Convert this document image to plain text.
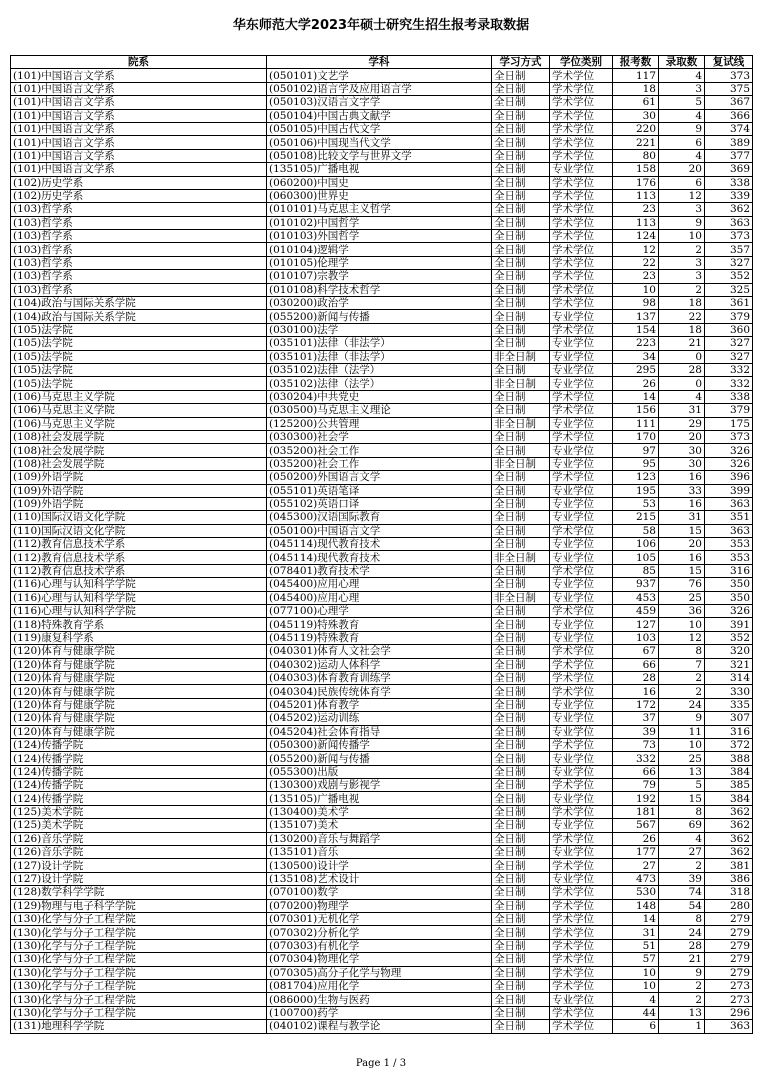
华东师范大学2023年硕士研究生招生报考录取数据
院系	学科	学习方式	学位类别	报考数	录取数	复试线
(101)中国语言文学系	(050101)文艺学	全日制	学术学位	117	4	373
(101)中国语言文学系	(050102)语言学及应用语言学	全日制	学术学位	18	3	375
(101)中国语言文学系	(050103)汉语言文字学	全日制	学术学位	61	5	367
(101)中国语言文学系	(050104)中国古典文献学	全日制	学术学位	30	4	366
(101)中国语言文学系	(050105)中国古代文学	全日制	学术学位	220	9	374
(101)中国语言文学系	(050106)中国现当代文学	全日制	学术学位	221	6	389
(101)中国语言文学系	(050108)比较文学与世界文学	全日制	学术学位	80	4	377
(101)中国语言文学系	(135105)广播电视	全日制	专业学位	158	20	369
(102)历史学系	(060200)中国史	全日制	学术学位	176	6	338
(102)历史学系	(060300)世界史	全日制	学术学位	113	12	339
(103)哲学系	(010101)马克思主义哲学	全日制	学术学位	23	3	362
(103)哲学系	(010102)中国哲学	全日制	学术学位	113	9	363
(103)哲学系	(010103)外国哲学	全日制	学术学位	124	10	373
(103)哲学系	(010104)逻辑学	全日制	学术学位	12	2	357
(103)哲学系	(010105)伦理学	全日制	学术学位	22	3	327
(103)哲学系	(010107)宗教学	全日制	学术学位	23	3	352
(103)哲学系	(010108)科学技术哲学	全日制	学术学位	10	2	325
(104)政治与国际关系学院	(030200)政治学	全日制	学术学位	98	18	361
(104)政治与国际关系学院	(055200)新闻与传播	全日制	专业学位	137	22	379
(105)法学院	(030100)法学	全日制	学术学位	154	18	360
(105)法学院	(035101)法律（非法学）	全日制	专业学位	223	21	327
(105)法学院	(035101)法律（非法学）	非全日制	专业学位	34	0	327
(105)法学院	(035102)法律（法学）	全日制	专业学位	295	28	332
(105)法学院	(035102)法律（法学）	非全日制	专业学位	26	0	332
(106)马克思主义学院	(030204)中共党史	全日制	学术学位	14	4	338
(106)马克思主义学院	(030500)马克思主义理论	全日制	学术学位	156	31	379
(106)马克思主义学院	(125200)公共管理	非全日制	专业学位	111	29	175
(108)社会发展学院	(030300)社会学	全日制	学术学位	170	20	373
(108)社会发展学院	(035200)社会工作	全日制	专业学位	97	30	326
(108)社会发展学院	(035200)社会工作	非全日制	专业学位	95	30	326
(109)外语学院	(050200)外国语言文学	全日制	学术学位	123	16	396
(109)外语学院	(055101)英语笔译	全日制	专业学位	195	33	399
(109)外语学院	(055102)英语口译	全日制	专业学位	53	16	363
(110)国际汉语文化学院	(045300)汉语国际教育	全日制	专业学位	215	31	351
(110)国际汉语文化学院	(050100)中国语言文学	全日制	学术学位	58	15	363
(112)教育信息技术学系	(045114)现代教育技术	全日制	专业学位	106	20	353
(112)教育信息技术学系	(045114)现代教育技术	非全日制	专业学位	105	16	353
(112)教育信息技术学系	(078401)教育技术学	全日制	学术学位	85	15	316
(116)心理与认知科学学院	(045400)应用心理	全日制	专业学位	937	76	350
(116)心理与认知科学学院	(045400)应用心理	非全日制	专业学位	453	25	350
(116)心理与认知科学学院	(077100)心理学	全日制	学术学位	459	36	326
(118)特殊教育学系	(045119)特殊教育	全日制	专业学位	127	10	391
(119)康复科学系	(045119)特殊教育	全日制	专业学位	103	12	352
(120)体育与健康学院	(040301)体育人文社会学	全日制	学术学位	67	8	320
(120)体育与健康学院	(040302)运动人体科学	全日制	学术学位	66	7	321
(120)体育与健康学院	(040303)体育教育训练学	全日制	学术学位	28	2	314
(120)体育与健康学院	(040304)民族传统体育学	全日制	学术学位	16	2	330
(120)体育与健康学院	(045201)体育教学	全日制	专业学位	172	24	335
(120)体育与健康学院	(045202)运动训练	全日制	专业学位	37	9	307
(120)体育与健康学院	(045204)社会体育指导	全日制	专业学位	39	11	316
(124)传播学院	(050300)新闻传播学	全日制	学术学位	73	10	372
(124)传播学院	(055200)新闻与传播	全日制	专业学位	332	25	388
(124)传播学院	(055300)出版	全日制	专业学位	66	13	384
(124)传播学院	(130300)戏剧与影视学	全日制	学术学位	79	5	385
(124)传播学院	(135105)广播电视	全日制	专业学位	192	15	384
(125)美术学院	(130400)美术学	全日制	学术学位	181	8	362
(125)美术学院	(135107)美术	全日制	专业学位	567	69	362
(126)音乐学院	(130200)音乐与舞蹈学	全日制	学术学位	26	4	362
(126)音乐学院	(135101)音乐	全日制	专业学位	177	27	362
(127)设计学院	(130500)设计学	全日制	学术学位	27	2	381
(127)设计学院	(135108)艺术设计	全日制	专业学位	473	39	386
(128)数学科学学院	(070100)数学	全日制	学术学位	530	74	318
(129)物理与电子科学学院	(070200)物理学	全日制	学术学位	148	54	280
(130)化学与分子工程学院	(070301)无机化学	全日制	学术学位	14	8	279
(130)化学与分子工程学院	(070302)分析化学	全日制	学术学位	31	24	279
(130)化学与分子工程学院	(070303)有机化学	全日制	学术学位	51	28	279
(130)化学与分子工程学院	(070304)物理化学	全日制	学术学位	57	21	279
(130)化学与分子工程学院	(070305)高分子化学与物理	全日制	学术学位	10	9	279
(130)化学与分子工程学院	(081704)应用化学	全日制	学术学位	10	2	273
(130)化学与分子工程学院	(086000)生物与医药	全日制	专业学位	4	2	273
(130)化学与分子工程学院	(100700)药学	全日制	学术学位	44	13	296
(131)地理科学学院	(040102)课程与教学论	全日制	学术学位	6	1	363
Page 1 / 3
